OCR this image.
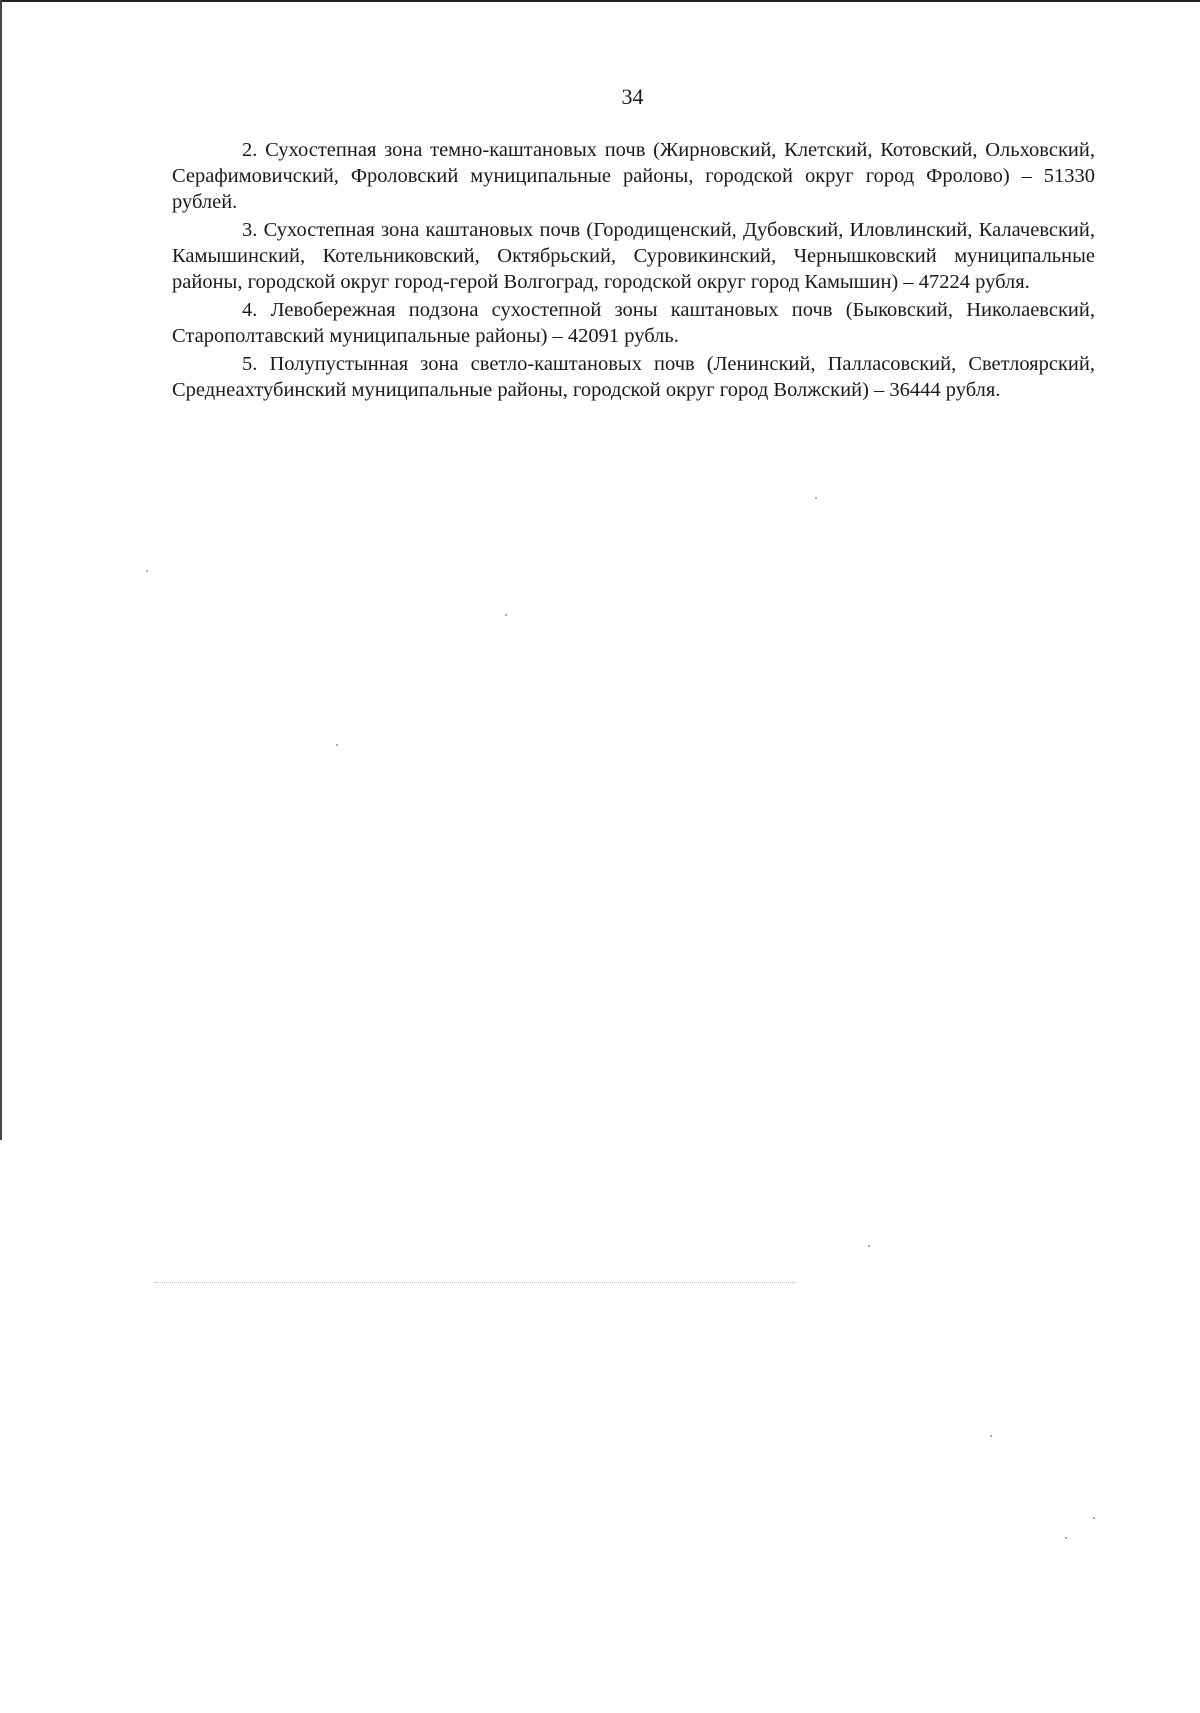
34

2. Сухостепная зона темно-каштановых почв (Жирновский, Клетский, Котовский, Ольховский, Серафимовичский, Фроловский муниципальные районы, городской округ город Фролово) – 51330 рублей.

3. Сухостепная зона каштановых почв (Городищенский, Дубовский, Иловлинский, Калачевский, Камышинский, Котельниковский, Октябрьский, Суровикинский, Чернышковский муниципальные районы, городской округ город-герой Волгоград, городской округ город Камышин) – 47224 рубля.

4. Левобережная подзона сухостепной зоны каштановых почв (Быковский, Николаевский, Старополтавский муниципальные районы) – 42091 рубль.

5. Полупустынная зона светло-каштановых почв (Ленинский, Палласовский, Светлоярский, Среднеахтубинский муниципальные районы, городской округ город Волжский) – 36444 рубля.
